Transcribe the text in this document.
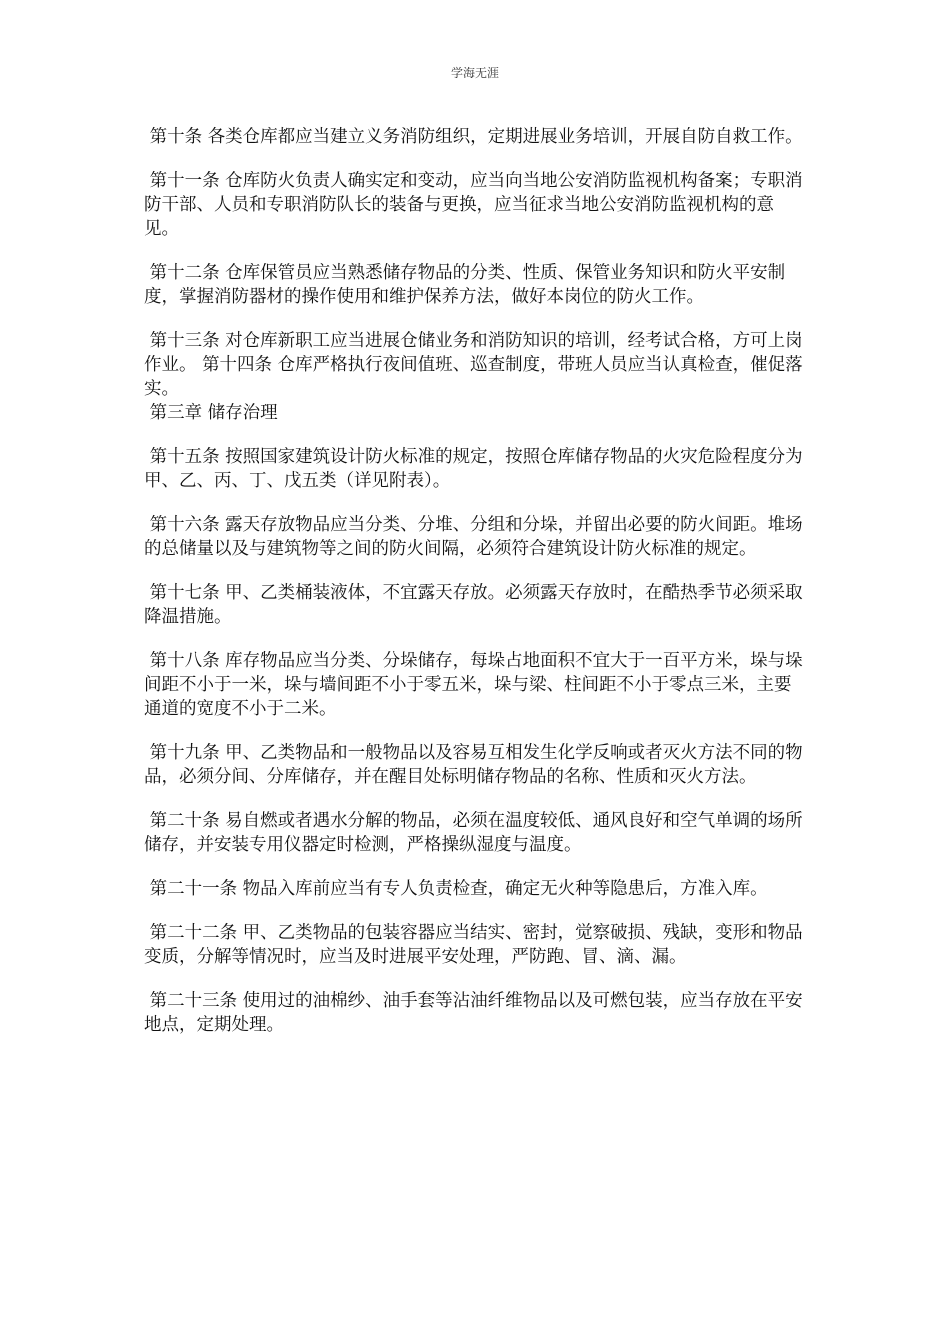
学海无涯

第十条 各类仓库都应当建立义务消防组织，定期进展业务培训，开展自防自救工作。

第十一条 仓库防火负责人确实定和变动，应当向当地公安消防监视机构备案；专职消防干部、人员和专职消防队长的装备与更换，应当征求当地公安消防监视机构的意见。

第十二条 仓库保管员应当熟悉储存物品的分类、性质、保管业务知识和防火平安制度，掌握消防器材的操作使用和维护保养方法，做好本岗位的防火工作。

第十三条 对仓库新职工应当进展仓储业务和消防知识的培训，经考试合格，方可上岗作业。 第十四条 仓库严格执行夜间值班、巡查制度，带班人员应当认真检查，催促落实。

第三章 储存治理

第十五条 按照国家建筑设计防火标准的规定，按照仓库储存物品的火灾危险程度分为甲、乙、丙、丁、戊五类（详见附表）。

第十六条 露天存放物品应当分类、分堆、分组和分垛，并留出必要的防火间距。堆场的总储量以及与建筑物等之间的防火间隔，必须符合建筑设计防火标准的规定。

第十七条 甲、乙类桶装液体，不宜露天存放。必须露天存放时，在酷热季节必须采取降温措施。

第十八条 库存物品应当分类、分垛储存，每垛占地面积不宜大于一百平方米，垛与垛间距不小于一米，垛与墙间距不小于零五米，垛与梁、柱间距不小于零点三米，主要通道的宽度不小于二米。

第十九条 甲、乙类物品和一般物品以及容易互相发生化学反响或者灭火方法不同的物品，必须分间、分库储存，并在醒目处标明储存物品的名称、性质和灭火方法。

第二十条 易自燃或者遇水分解的物品，必须在温度较低、通风良好和空气单调的场所储存，并安装专用仪器定时检测，严格操纵湿度与温度。

第二十一条 物品入库前应当有专人负责检查，确定无火种等隐患后，方准入库。

第二十二条 甲、乙类物品的包装容器应当结实、密封，觉察破损、残缺，变形和物品变质，分解等情况时，应当及时进展平安处理，严防跑、冒、滴、漏。

第二十三条 使用过的油棉纱、油手套等沾油纤维物品以及可燃包装，应当存放在平安地点，定期处理。
